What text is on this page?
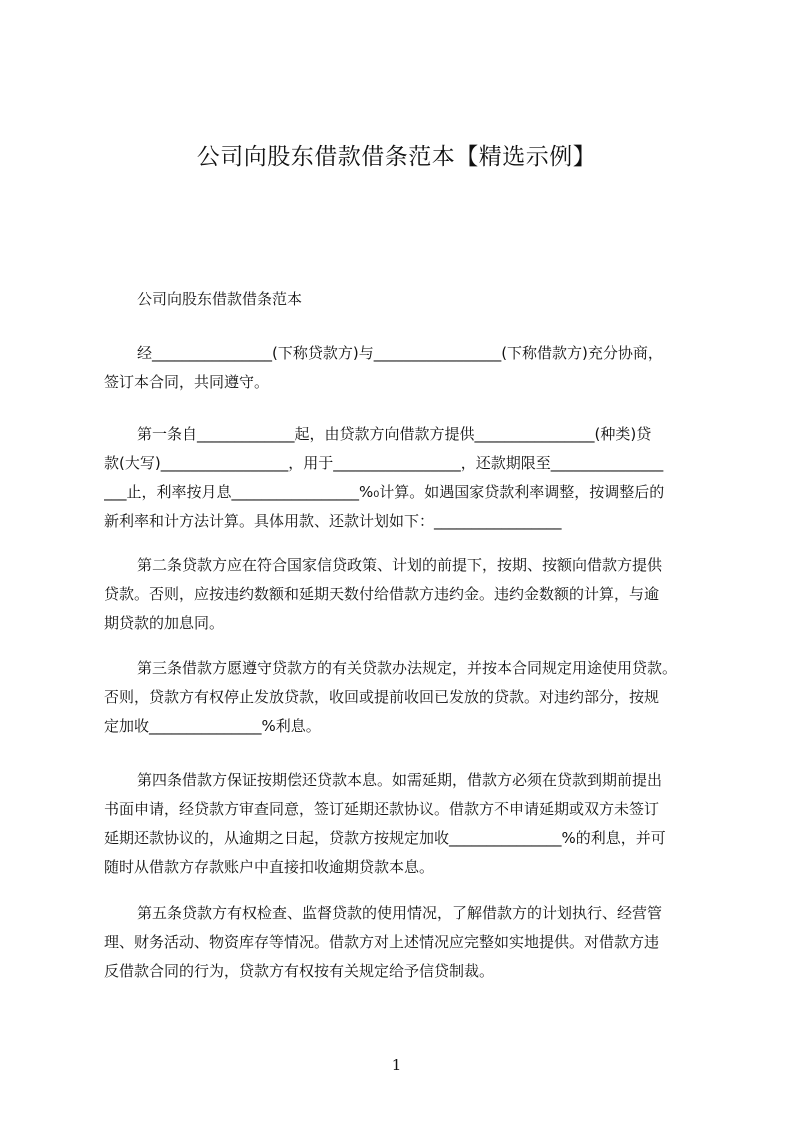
公司向股东借款借条范本【精选示例】
公司向股东借款借条范本
经________________(下称贷款方)与_________________(下称借款方)充分协商，
签订本合同，共同遵守。
第一条自_____________起，由贷款方向借款方提供________________(种类)贷
款(大写)_________________，用于_________________，还款期限至_______________
___止，利率按月息_________________%₀计算。如遇国家贷款利率调整，按调整后的
新利率和计方法计算。具体用款、还款计划如下：_________________
第二条贷款方应在符合国家信贷政策、计划的前提下，按期、按额向借款方提供
贷款。否则，应按违约数额和延期天数付给借款方违约金。违约金数额的计算，与逾
期贷款的加息同。
第三条借款方愿遵守贷款方的有关贷款办法规定，并按本合同规定用途使用贷款。
否则，贷款方有权停止发放贷款，收回或提前收回已发放的贷款。对违约部分，按规
定加收_______________%利息。
第四条借款方保证按期偿还贷款本息。如需延期，借款方必须在贷款到期前提出
书面申请，经贷款方审查同意，签订延期还款协议。借款方不申请延期或双方未签订
延期还款协议的，从逾期之日起，贷款方按规定加收_______________%的利息，并可
随时从借款方存款账户中直接扣收逾期贷款本息。
第五条贷款方有权检查、监督贷款的使用情况，了解借款方的计划执行、经营管
理、财务活动、物资库存等情况。借款方对上述情况应完整如实地提供。对借款方违
反借款合同的行为，贷款方有权按有关规定给予信贷制裁。
1
